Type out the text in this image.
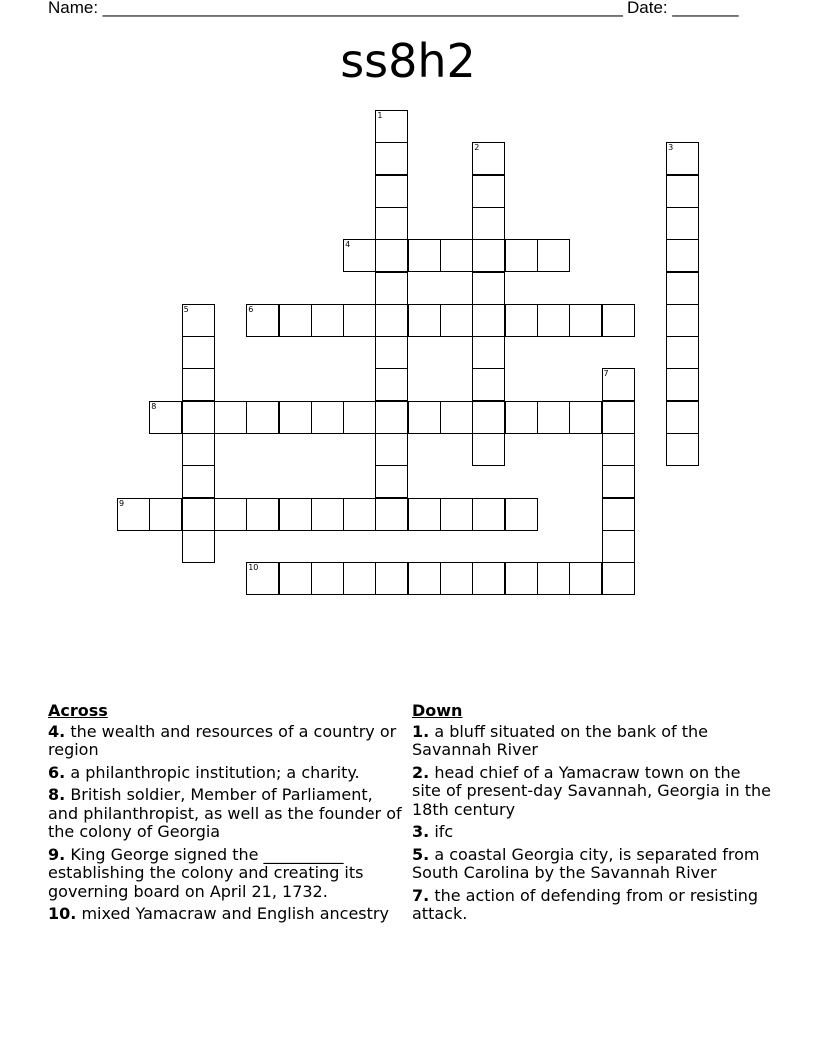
Name: _______________________________________________________ Date: _______
ss8h2
1
2	3
4
5	6
7
8
9
10
Across
4. the wealth and resources of a country or region
6. a philanthropic institution; a charity.
8. British soldier, Member of Parliament, and philanthropist, as well as the founder of the colony of Georgia
9. King George signed the __________ establishing the colony and creating its governing board on April 21, 1732.
10. mixed Yamacraw and English ancestry
Down
1. a bluff situated on the bank of the Savannah River
2. head chief of a Yamacraw town on the site of present-day Savannah, Georgia in the 18th century
3. ifc
5. a coastal Georgia city, is separated from South Carolina by the Savannah River
7. the action of defending from or resisting attack.
